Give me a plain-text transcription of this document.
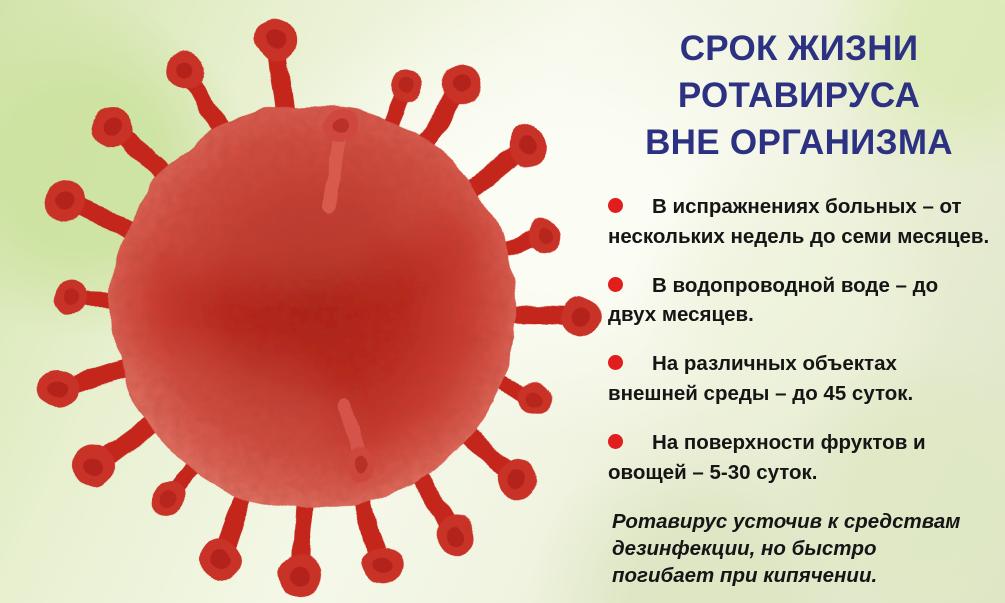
СРОК ЖИЗНИ
РОТАВИРУСА
ВНЕ ОРГАНИЗМА
В испражнениях больных – от нескольких недель до семи месяцев.
В водопроводной воде – до двух месяцев.
На различных объектах внешней среды – до 45 суток.
На поверхности фруктов и овощей – 5-30 суток.

Ротавирус усточив к средствам дезинфекции, но быстро погибает при кипячении.
